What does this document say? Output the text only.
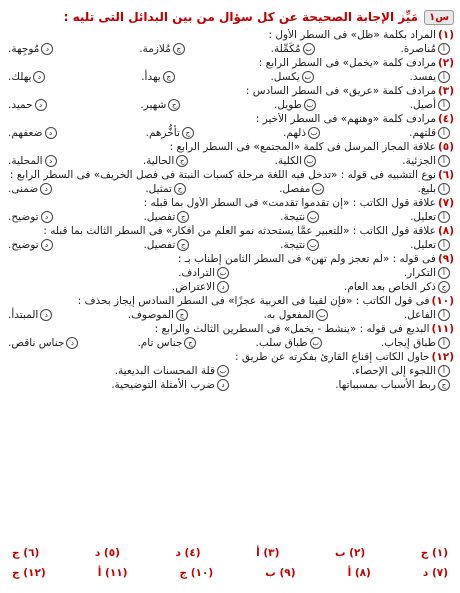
س١
مَيِّز الإجابة الصحيحة عن كل سؤال من بين البدائل التى تليه :
(١)المراد بكلمة «ظل» فى السطر الأول :
أمُناصرة.
بمُكَمِّلة.
جمُلازمة.
دمُوجِهة.
(٢)مرادف كلمة «يخمل» فى السطر الرابع :
أيفسد.
بيكسل.
جيهدأ.
ديهلك.
(٣)مرادف كلمة «عريق» فى السطر السادس :
أأصيل.
بطويل.
جشهير.
دحميد.
(٤)مرادف كلمة «وهنهم» فى السطر الأخير :
أقلتهم.
بذلهم.
جتأخُّرهم.
دضعفهم.
(٥)علاقة المجاز المرسل فى كلمة «المجتمع» فى السطر الرابع :
أالجزئية.
بالكلية.
جالحالية.
دالمحلية.
(٦)نوع التشبيه فى قوله : «تدخل فيه اللغة مرحلة كسبات النبتة فى فصل الخريف» فى السطر الرابع :
أبليغ.
بمفصل.
جتمثيل.
دضمنى.
(٧)علاقة قول الكاتب : «إن تقدموا تقدمت» فى السطر الأول بما قبله :
أتعليل.
بنتيجة.
جتفصيل.
دتوضيح.
(٨)علاقة قول الكاتب : «للتعبير عمَّا يستحدثه نمو العلم من أفكار» فى السطر الثالث بما قبله :
أتعليل.
بنتيجة.
جتفصيل.
دتوضيح.
(٩)فى قوله : «لم تعجز ولم تهن» فى السطر الثامن إطناب بـ :
أالتكرار.
بالترادف.
جذكر الخاص بعد العام.
دالاعتراض.
(١٠)فى قول الكاتب : «فإن لقينا فى العربية عجزًا» فى السطر السادس إيجاز بحذف :
أالفاعل.
بالمفعول به.
جالموصوف.
دالمبتدأ.
(١١)البديع فى قوله : «ينشط - يخمل» فى السطرين الثالث والرابع :
أطباق إيجاب.
بطباق سلب.
ججناس تام.
دجناس ناقص.
(١٢)حاول الكاتب إقناع القارئ بفكرته عن طريق :
أاللجوء إلى الإحصاء.
بقلة المحسنات البديعية.
جربط الأسباب بمسبباتها.
دضرب الأمثلة التوضيحية.
(١) ج
(٢) ب
(٣) أ
(٤) د
(٥) د
(٦) ج
(٧) د
(٨) أ
(٩) ب
(١٠) ج
(١١) أ
(١٢) ج
